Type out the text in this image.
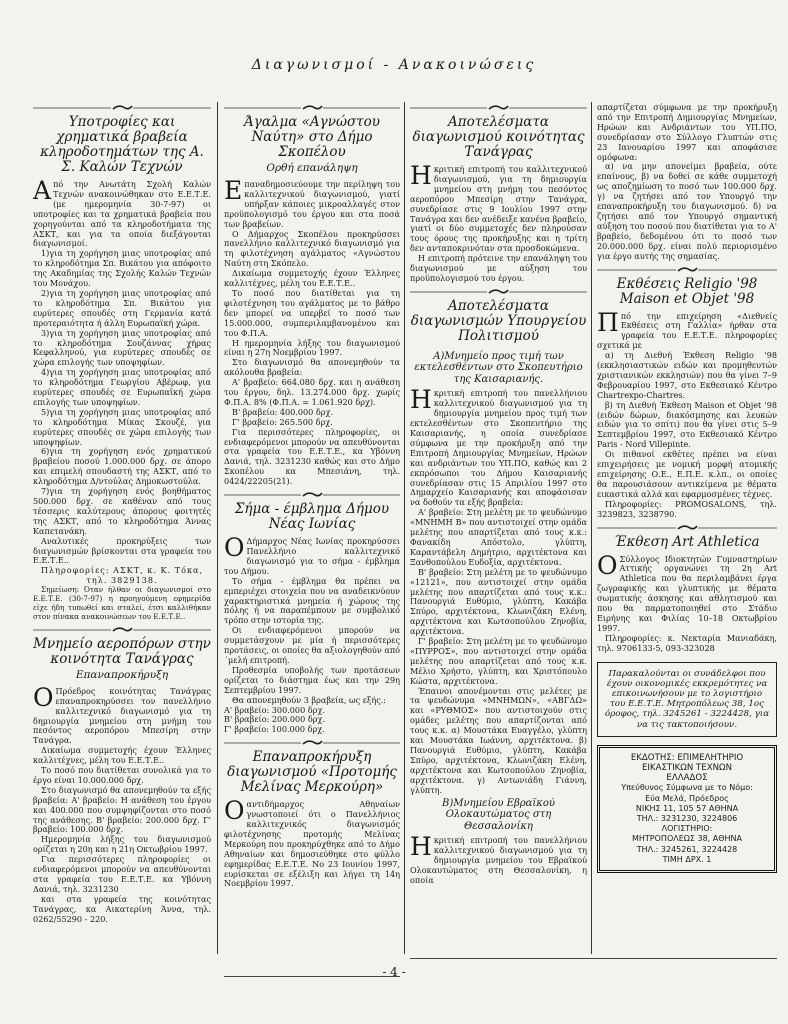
Διαγωνισμοί - Ανακοινώσεις
Υποτροφίες και χρηματικά βραβεία κληροδοτημάτων της Α. Σ. Καλών Τεχνών

Από την Ανωτάτη Σχολή Καλών Τεχνών ανακοινώθηκαν στο Ε.Ε.Τ.Ε. (με ημερομηνία 30-7-97) οι υποτροφίες και τα χρηματικά βραβεία που χορηγούνται από τα κληροδοτήματα της ΑΣΚΤ, και για τα οποία διεξάγονται διαγωνισμοί.

1)για τη χορήγηση μιας υποτροφίας από το κληροδότημα Σπ. Βικάτου για απόφοιτο της Ακαδημίας της Σχολής Καλών Τεχνών του Μονάχου.

2)για τη χορήγηση μιας υποτροφίας από το κληροδότημα Σπ. Βικάτου για ευρύτερες σπουδές στη Γερμανία κατά προτεραιότητα ή άλλη Ευρωπαϊκή χώρα.

3)για τη χορήγηση μιας υποτροφίας από το κληροδότημα Σουζάννας χήρας Κεφαλληνού, για ευρύτερες σπουδές σε χώρα επιλογής των υποψηφίων.

4)για τη χορήγηση μιας υποτροφίας από το κληροδότημα Γεωργίου Αβέρωφ, για ευρύτερες σπουδές σε Ευρωπαϊκή χώρα επιλογής των υποψηφίων.

5)για τη χορήγηση μιας υποτροφίας από το κληροδότημα Μίκας Σκουζέ, για ευρύτερες σπουδές σε χώρα επιλογής των υποψηφίων.

6)για τη χορήγηση ενός χρηματικού βραβείου ποσού 1.000.000 δρχ. σε άπορο και επιμελή σπουδαστή της ΑΣΚΤ, από το κληροδότημα Δ/ντούλας Δημοκωστούλα.

7)για τη χορήγηση ενός βοηθήματος 500.000 δρχ. σε καθέναν από τους τέσσερις καλύτερους άπορους φοιτητές της ΑΣΚΤ, από το κληροδότημα Άννας Καπετανάκη.

Αναλυτικές προκηρύξεις των διαγωνισμών βρίσκονται στα γραφεία του Ε.Ε.Τ.Ε..

Πληροφορίες: ΑΣΚΤ, κ. Κ. Τόκα,

τηλ. 3829138.

Σημείωση: Όταν ήλθαν οι διαγωνισμοί στο Ε.Ε.Τ.Ε. (30-7-97) η προηγούμενη εφημερίδα είχε ήδη τυπωθεί και σταλεί, έτσι καλλιθήκαν στον πίνακα ανακοινώσεων του Ε.Ε.Τ.Ε..

Μνημείο αεροπόρων στην κοινότητα Τανάγρας
Επαναπροκήρυξη

Ο Πρόεδρος κοινότητας Τανάγρας επαναπροκηρύσσει τον πανελλήνιο καλλιτεχνικό διαγωνισμό για τη δημιουργία μνημείου στη μνήμη του πεσόντος αεροπόρου Μπεσίρη στην Τανάγρα.

Δικαίωμα συμμετοχής έχουν Έλληνες καλλιτέχνες, μέλη του Ε.Ε.Τ.Ε..

Το ποσό που διατίθεται συνολικά για το έργο είναι 10.000.000 δρχ.

Στο διαγωνισμό θα απονεμηθούν τα εξής βραβεία: Α' βραβείο: Η ανάθεση του έργου και 400.000 που συμψηφίζονται στο ποσό της ανάθεσης. Β' βραβείο: 200.000 δρχ. Γ' βραβείο: 100.000 δρχ.

Ημερομηνία λήξης του διαγωνισμού ορίζεται η 20η και η 21η Οκτωβρίου 1997.

Για περισσότερες πληροφορίες οι ενδιαφερόμενοι μπορούν να απευθύνονται στα γραφεία του Ε.Ε.Τ.Ε. κα Υβόννη Δανιά, τηλ. 3231230

και στα γραφεία της κοινότητας Τανάγρας, κα Αικατερίνη Άννα, τηλ. 0262/55290 - 220.

Άγαλμα «Αγνώστου Ναύτη» στο Δήμο Σκοπέλου
Ορθή επανάληψη

Επαναδημοσιεύουμε την περίληψη του καλλιτεχνικού διαγωνισμού, γιατί υπήρξαν κάποιες μικροαλλαγές στον προϋπολογισμό του έργου και στα ποσά των βραβείων.

Ο Δήμαρχος Σκοπέλου προκηρύσσει πανελλήνιο καλλιτεχνικό διαγωνισμό για τη φιλοτέχνηση αγάλματος «Αγνώστου Ναύτη στη Σκόπελο.

Δικαίωμα συμμετοχής έχουν Έλληνες καλλιτέχνες, μέλη του Ε.Ε.Τ.Ε..

Το ποσό που διατίθεται για τη φιλοτέχνηση του αγάλματος με το βάθρο δεν μπορεί να υπερβεί το ποσό των 15.000.000, συμπεριλαμβανομένου και του Φ.Π.Α.

Η ημερομηνία λήξης του διαγωνισμού είναι η 27η Νοεμβρίου 1997.

Στο διαγωνισμό θα απονεμηθούν τα ακόλουθα βραβεία:

Α' βραβείο: 664.080 δρχ. και η ανάθεση του έργου, δηλ. 13.274.000 δρχ. χωρίς Φ.Π.Α. 8% (Φ.Π.Α. = 1.061.920 δρχ).

Β' βραβείο: 400.000 δρχ.

Γ' βραβείο: 265.500 δρχ.

Για περισσότερες πληροφορίες, οι ενδιαφερόμενοι μπορούν να απευθύνονται στα γραφεία του Ε.Ε.Τ.Ε., κα Υβόννη Δανιά, τηλ. 3231230 καθώς και στο Δήμο Σκοπέλου κα Μπεσιάνη, τηλ. 0424/22205(21).

Σήμα - έμβλημα Δήμου Νέας Ιωνίας

Ο Δήμαρχος Νέας Ιωνίας προκηρύσσει Πανελλήνιο καλλιτεχνικό διαγωνισμό για το σήμα - έμβλημα του Δήμου.

Το σήμα - έμβλημα θα πρέπει να εμπεριέχει στοιχεία που να αναδεικνύουν χαρακτηριστικά μνημεία ή χώρους της πόλης ή να παραπέμπουν με συμβολικό τρόπο στην ιστορία της.

Οι ενδιαφερόμενοι μπορούν να συμμετάσχουν με μία ή περισσότερες προτάσεις, οι οποίες θα αξιολογηθούν από ΄μελή επιτροπή.

Προθεσμία υποβολής των προτάσεων ορίζεται το διάστημα έως και την 29η Σεπτεμβρίου 1997.

Θα απονεμηθούν 3 βραβεία, ως εξής.:

Α' βραβείο: 300.000 δρχ.

Β' βραβείο: 200.000 δρχ.

Γ' βραβείο: 100.000 δρχ.

Επαναπροκήρυξη διαγωνισμού «Προτομής Μελίνας Μερκούρη»

Οαντιδήμαρχος Αθηναίων γνωστοποιεί ότι ο Πανελλήνιος καλλιτεχνικός διαγωνισμός φιλοτέχνησης προτομής Μελίνας Μερκούρη που προκηρύχθηκε από το Δήμο Αθηναίων και δημοσιεύθηκε στο φύλλο εφημερίδας Ε.Ε.Τ.Ε. Νο 23 Ιουνίου 1997, ευρίσκεται σε εξέλιξη και λήγει τη 14η Νοεμβρίου 1997.

Αποτελέσματα διαγωνισμού κοινότητας Τανάγρας

Ηκριτική επιτροπή του καλλιτεχνικού διαγωνισμού, για τη δημιουργία μνημείου στη μνήμη του πεσόντος αεροπόρου Μπεσίρη στην Τανάγρα, συνεδρίασε στις 9 Ιουλίου 1997 στην Τανάγρα και δεν ανέδειξε κανένα βραβείο, γιατί οι δύο συμμετοχές δεν πληρούσαν τους όρους της προκήρυξης και η τρίτη δεν ανταποκρινόταν στα προσδοκώμενα.

Η επιτροπή πρότεινε την επανάληψη του διαγωνισμού με αύξηση του προϋπολογισμού του έργου.

Αποτελέσματα διαγωνισμών Υπουργείου Πολιτισμού
Α)Μνημείο προς τιμή των εκτελεσθέντων στο Σκοπευτήριο της Καισαριανής.

Ηκριτική επιτροπή του πανελλήνιου καλλιτεχνικού διαγωνισμού για τη δημιουργία μνημείου προς τιμή των εκτελεσθέντων στο Σκοπευτήριο της Καισαριανής, η οποία συνεδρίασε σύμφωνα με την προκήρυξη από την Επιτροπή Δημιουργίας Μνημείων, Ηρώων και ανδριάντων του ΥΠ.ΠΟ, καθώς και 2 εκπρόσωποι του Δήμου Καισαριανής συνεδρίασαν στις 15 Απριλίου 1997 στο Δημαρχείο Καισαριανής και αποφάσισαν να δοθούν τα εξής βραβεία:

Α' βραβείο: Στη μελέτη με το ψευδώνυμο «ΜΝΗΜΗ Β» που αντιστοιχεί στην ομάδα μελέτης που απαρτίζεται από τους κ.κ.: Φανακίδη Απόστολο, γλύπτη, Καραντάβελη Δημήτριο, αρχιτέκτονα και Ξανθοπούλου Ευδοξία, αρχιτέκτονα.

Β' βραβείο: Στη μελέτη με το ψευδώνυμο «12121», που αντιστοιχεί στην ομάδα μελέτης που απαρτίζεται από τους κ.κ.: Πανουργιά Ευθύμιο, γλύπτη, Κακάβα Σπύρο, αρχιτέκτονα, Κλωνιζάκη Ελένη, αρχιτέκτονα και Κωτσοπούλου Ζηνοβία, αρχιτέκτονα.

Γ' βραβείο: Στη μελέτη με το ψευδώνυμο «ΠΥΡΡΟΣ», που αντιστοιχεί στην ομάδα μελέτης που απαρτίζεται από τους κ.κ. Μέλιο Χρήστο, γλύπτη, και Χριστόπουλο Κώστα, αρχιτέκτονα.

Έπαινοι απονέμονται στις μελέτες με τα ψευδώνυμα «ΜΝΗΜΩΝ», «ΑΒΓΔΩ» και «ΡΥΘΜΟΣ» που αντιστοιχούν στις ομάδες μελέτης που απαρτίζονται από τους κ.κ. α) Μουστάκα Ευαγγέλο, γλύπτη και Μουστάκα Ιωάννη, αρχιτέκτονα. β) Πανουργιά Ευθύμιο, γλύπτη, Κακάβα Σπύρο, αρχιτέκτονα, Κλωνιζάκη Ελένη, αρχιτέκτονα και Κωτσοπούλου Ζηνοβία, αρχιτέκτονα. γ) Αντωνιάδη Γιάννη, γλύπτη.

Β)Μνημείου Εβραϊκού Ολοκαυτώματος στη Θεσσαλονίκη

Ηκριτική επιτροπή του πανελλήνιου καλλιτεχνικού διαγωνισμού για τη δημιουργία μνημείου του Εβραϊκού Ολοκαυτώματος στη Θεσσαλονίκη, η οποία

απαρτίζεται σύμφωνα με την προκήρυξη από την Επιτροπή Δημιουργίας Μνημείων, Ηρώων και Ανδριάντων του ΥΠ.ΠΟ, συνεδρίασαν στο Σύλλογο Γλυπτών στις 23 Ιανουαρίου 1997 και αποφάσισε ομόφωνα:

α) να μην απονείμει βραβεία, ούτε επαίνους, β) να δοθεί σε κάθε συμμετοχή ως αποζημίωση το ποσό των 100.000 δρχ. γ) να ζητήσει από τον Υπουργό την επαναπροκήρυξη του διαγωνισμού. δ) να ζητήσει από τον Υπουργό σημαντική αύξηση του ποσού που διατίθεται για το Α' βραβείο, δεδομένου ότι το ποσό των 20.000.000 δρχ. είναι πολύ περιορισμένο για έργο αυτής της σημασίας.

Εκθέσεις Religio '98 Maison et Objet '98

Ππό την επιχείρηση «Διεθνείς Εκθέσεις στη Γαλλία» ήρθαν στα γραφεία του Ε.Ε.Τ.Ε. πληροφορίες σχετικά με

α) τη Διεθνή Έκθεση Religio '98 (εκκλησιαστικών ειδών και προμηθευτών χριστιανικών εκκλησιών) που θα γίνει 7–9 Φεβρουαρίου 1997, στο Εκθεσιακό Κέντρο Chartrexpo-Chartres.

β) τη Διεθνή Έκθεση Maison et Objet '98 (ειδών δώρων, διακόσμησης και λευκών ειδών για το σπίτι) που θα γίνει στις 5–9 Σεπτεμβρίου 1997, στο Εκθεσιακό Κέντρο Paris - Nord Villepinte.

Οι πιθανοί εκθέτες πρέπει να είναι επιχειρήσεις με νομική μορφή ατομικής επιχείρησης Ο.Ε., Ε.Π.Ε. κ.λπ., οι οποίες θα παρουσιάσουν αντικείμενα με θέματα εικαστικά αλλά και εφαρμοσμένες τέχνες.

Πληροφορίες: PROMOSALONS, τηλ. 3239823, 3238790.

Έκθεση Art Athletica

Ο Σύλλογος Ιδιοκτητών Γυμναστηρίων Αττικής οργανώνει τη 2η Art Athletica που θα περιλαμβάνει έργα ζωγραφικής και γλυπτικής με θέματα σωματικής άσκησης και αθλητισμού και που θα παρματοποιηθεί στο Στάδιο Ειρήνης και Φιλίας 10–18 Οκτωβρίου 1997.

Πληροφορίες: κ. Νεκταρία Μανιαδάκη, τηλ. 9706133-5, 093-323028

Παρακαλούνται οι συνάδελφοι που έχουν οικονομικές εκκρεμότητες να επικοινωνήσουν με το λογιστήριο του Ε.Ε.Τ.Ε. Μητροπόλεως 38, 1ος όροφος, τηλ. 3245261 - 3224428, για να τις τακτοποιήσουν.

ΕΚΔΟΤΗΣ: ΕΠΙΜΕΛΗΤΗΡΙΟ

ΕΙΚΑΣΤΙΚΩΝ ΤΕΧΝΩΝ

ΕΛΛΑΔΟΣ

Υπεύθυνος Σύμφωνα με το Νόμο:

Εύα Μελά, Πρόεδρος

ΝΙΚΗΣ 11, 105 57 ΑΘΗΝΑ

ΤΗΛ.: 3231230, 3224806

ΛΟΓΙΣΤΗΡΙΟ:

ΜΗΤΡΟΠΟΛΕΩΣ 38, ΑΘΗΝΑ

ΤΗΛ.: 3245261, 3224428

ΤΙΜΗ ΔΡΧ. 1

- 4 -
